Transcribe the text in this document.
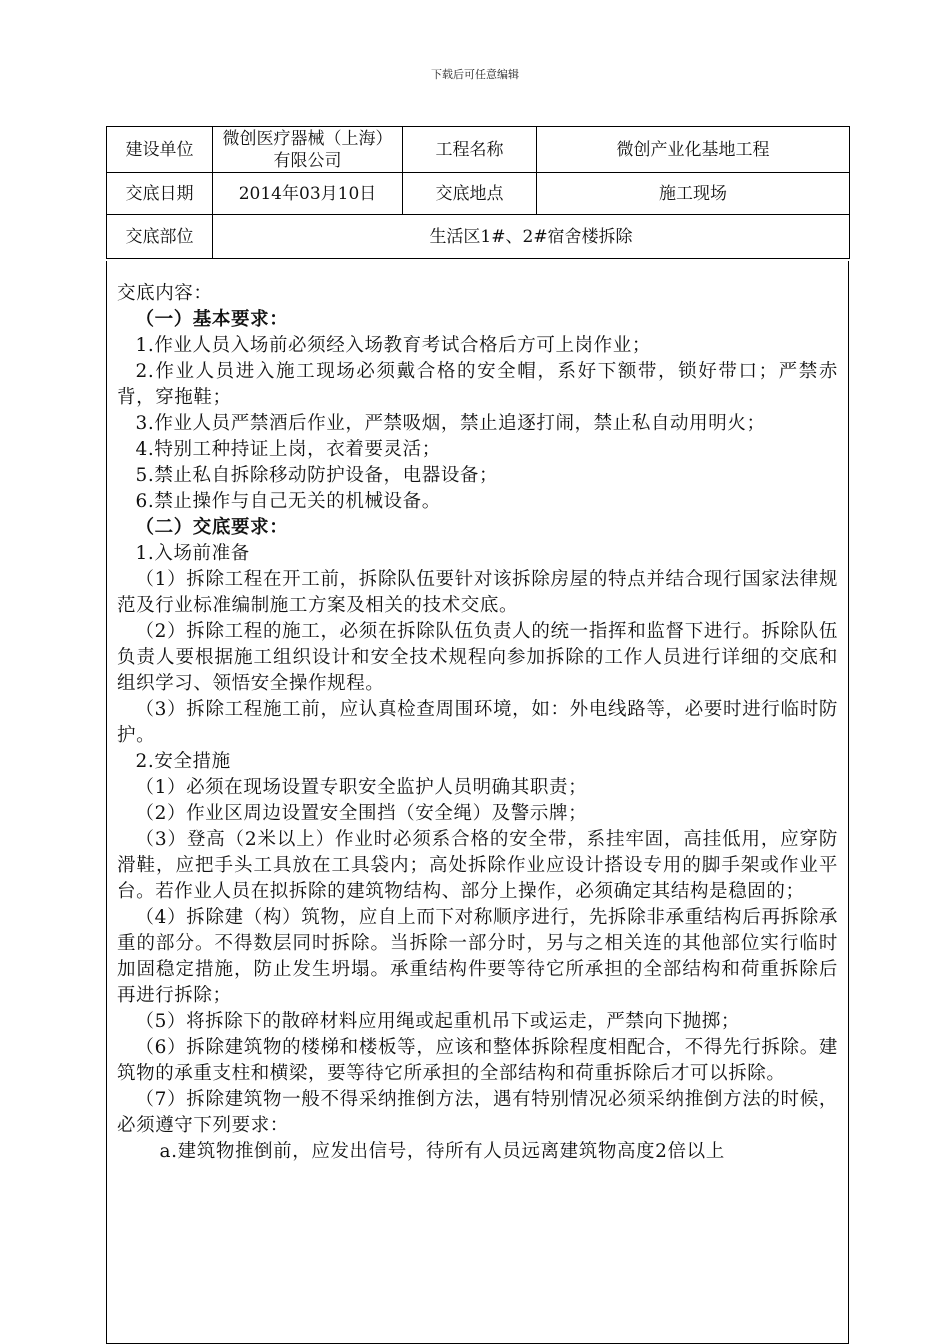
下载后可任意编辑
建设单位	微创医疗器械（上海）有限公司	工程名称	微创产业化基地工程
交底日期	2014年03月10日	交底地点	施工现场
交底部位	生活区1#、2#宿舍楼拆除		

交底内容：

（一）基本要求：

1.作业人员入场前必须经入场教育考试合格后方可上岗作业；

2.作业人员进入施工现场必须戴合格的安全帽，系好下额带，锁好带口；严禁赤背，穿拖鞋；

3.作业人员严禁酒后作业，严禁吸烟，禁止追逐打闹，禁止私自动用明火；

4.特别工种持证上岗，衣着要灵活；

5.禁止私自拆除移动防护设备，电器设备；

6.禁止操作与自己无关的机械设备。

（二）交底要求：

1.入场前准备

（1）拆除工程在开工前，拆除队伍要针对该拆除房屋的特点并结合现行国家法律规范及行业标准编制施工方案及相关的技术交底。

（2）拆除工程的施工，必须在拆除队伍负责人的统一指挥和监督下进行。拆除队伍负责人要根据施工组织设计和安全技术规程向参加拆除的工作人员进行详细的交底和组织学习、领悟安全操作规程。

（3）拆除工程施工前，应认真检查周围环境，如：外电线路等，必要时进行临时防护。

2.安全措施

（1）必须在现场设置专职安全监护人员明确其职责；

（2）作业区周边设置安全围挡（安全绳）及警示牌；

（3）登高（2米以上）作业时必须系合格的安全带，系挂牢固，高挂低用，应穿防滑鞋，应把手头工具放在工具袋内；高处拆除作业应设计搭设专用的脚手架或作业平台。若作业人员在拟拆除的建筑物结构、部分上操作，必须确定其结构是稳固的；

（4）拆除建（构）筑物，应自上而下对称顺序进行，先拆除非承重结构后再拆除承重的部分。不得数层同时拆除。当拆除一部分时，另与之相关连的其他部位实行临时加固稳定措施，防止发生坍塌。承重结构件要等待它所承担的全部结构和荷重拆除后再进行拆除；

（5）将拆除下的散碎材料应用绳或起重机吊下或运走，严禁向下抛掷；

（6）拆除建筑物的楼梯和楼板等，应该和整体拆除程度相配合，不得先行拆除。建筑物的承重支柱和横梁，要等待它所承担的全部结构和荷重拆除后才可以拆除。

（7）拆除建筑物一般不得采纳推倒方法，遇有特别情况必须采纳推倒方法的时候，必须遵守下列要求：

a.建筑物推倒前，应发出信号，待所有人员远离建筑物高度2倍以上
